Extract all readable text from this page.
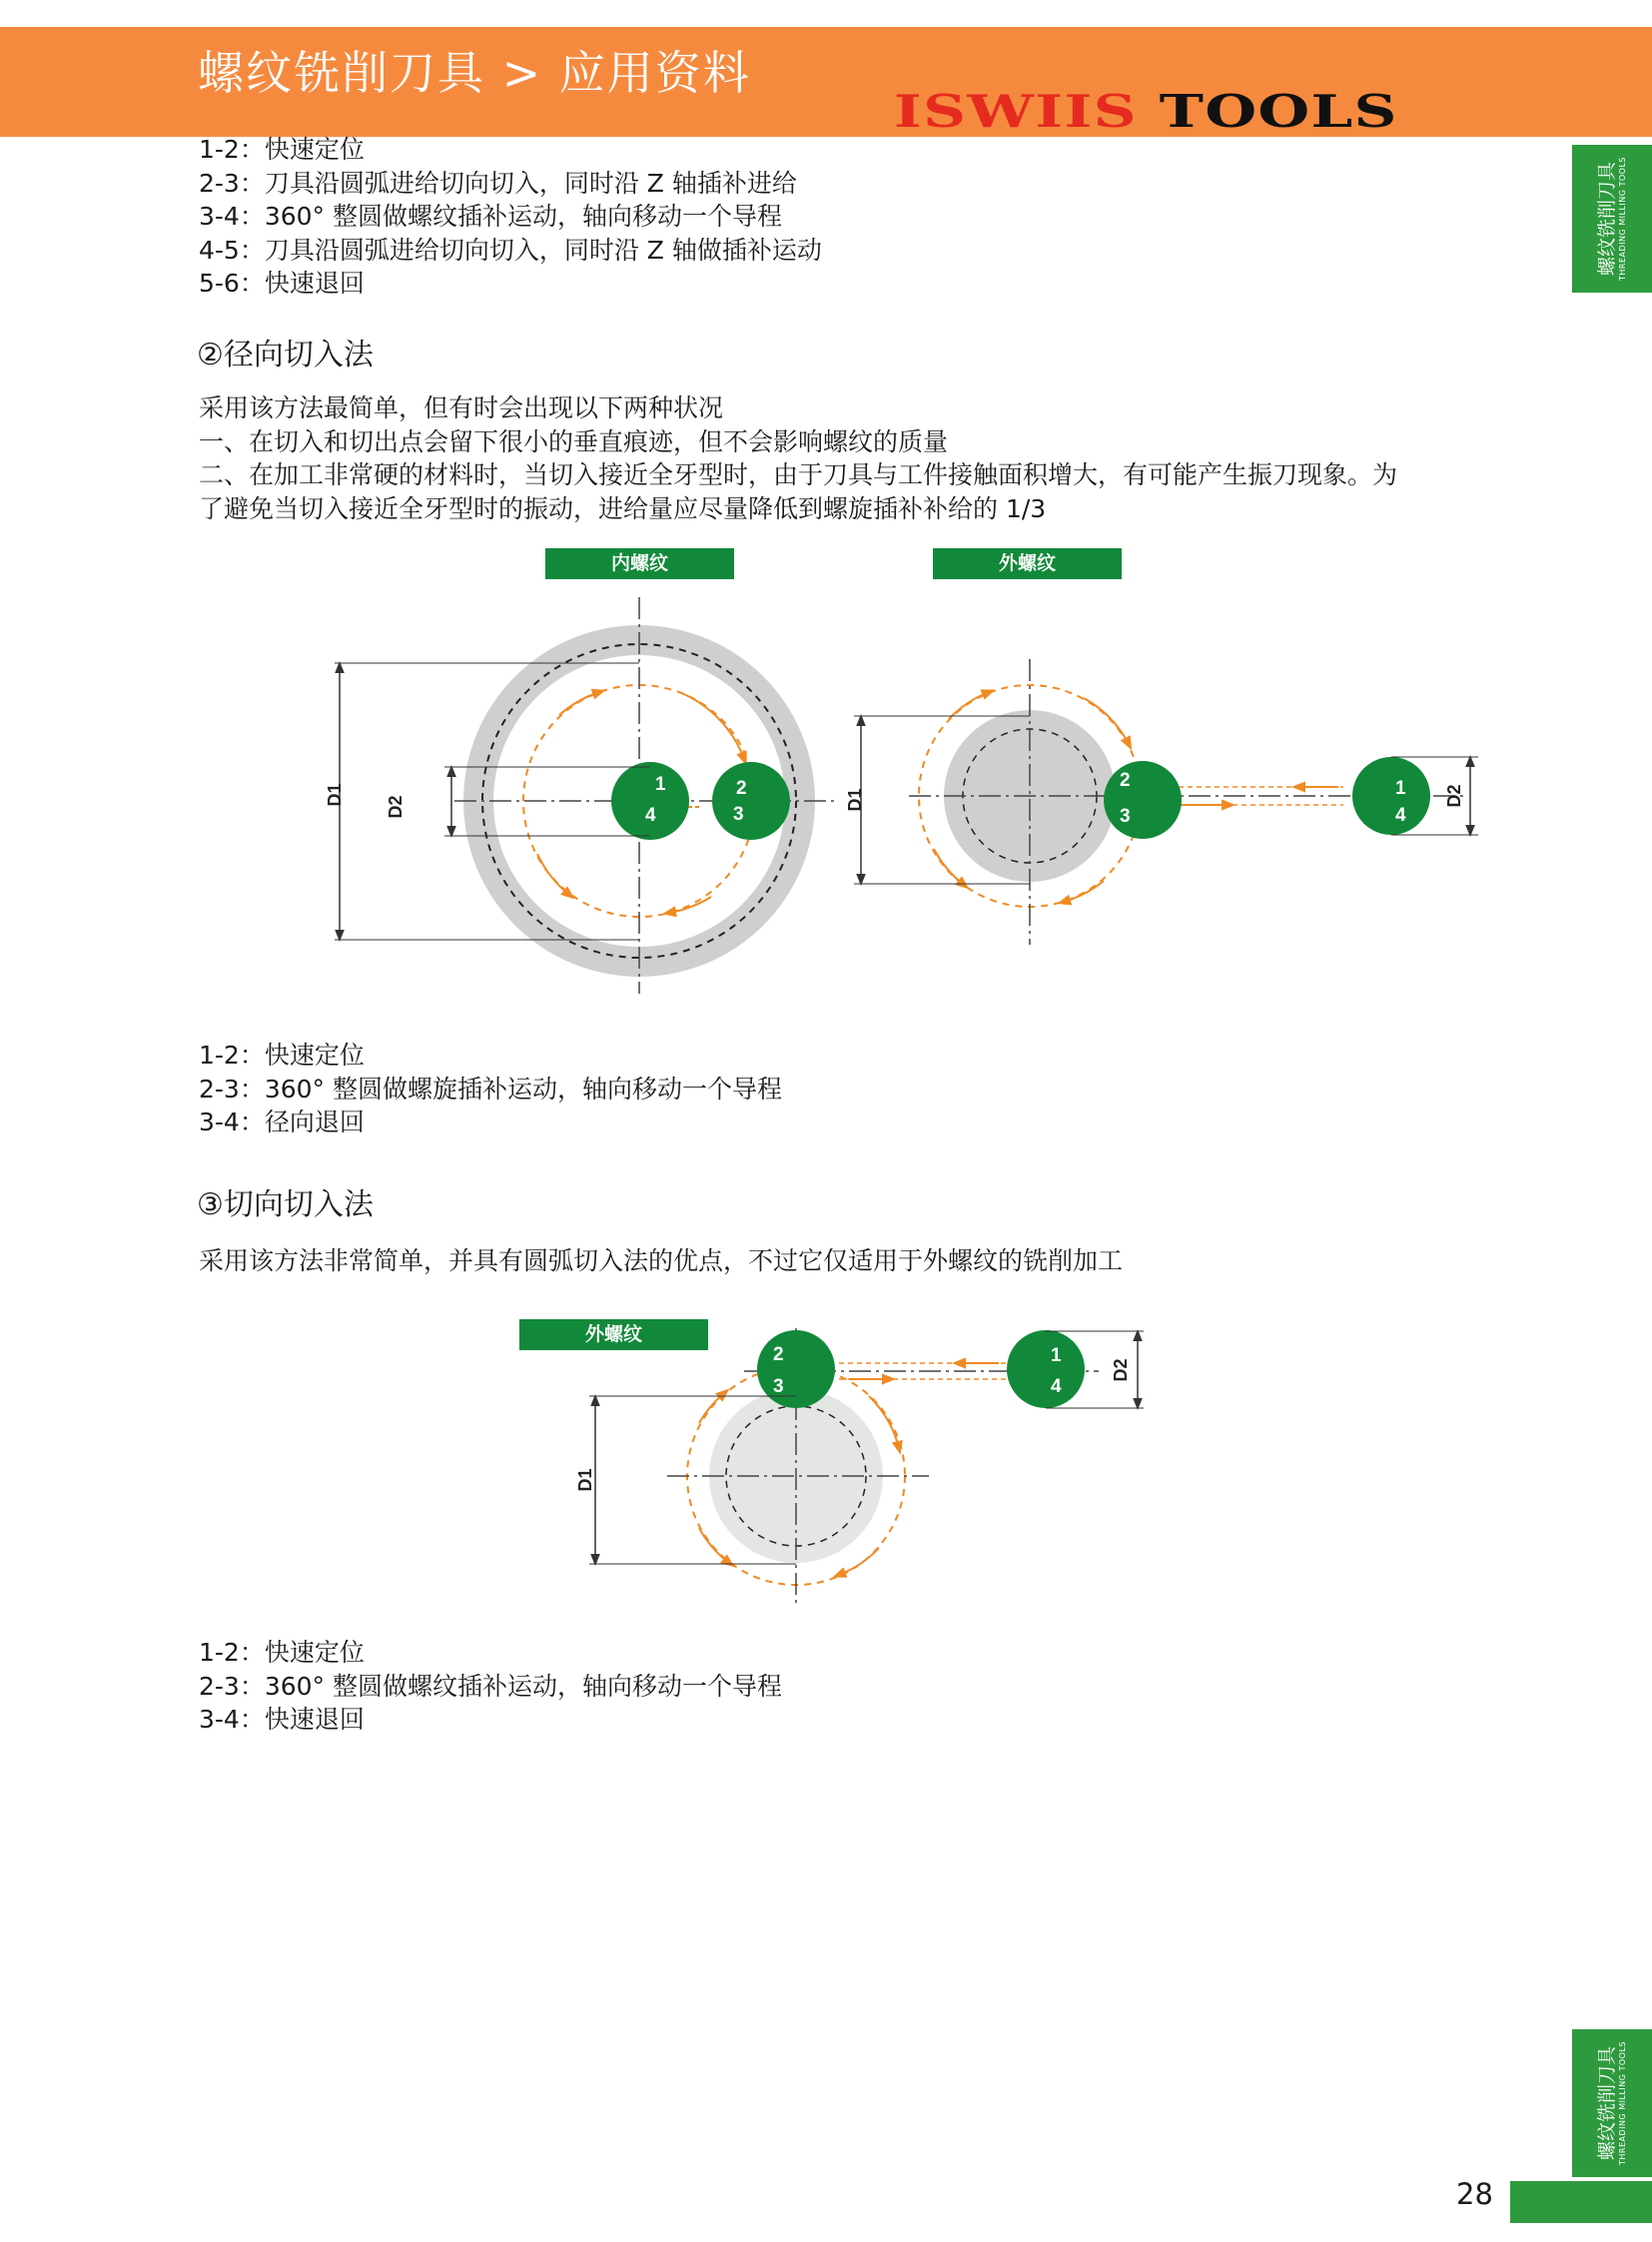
螺纹铣削刀具 > 应用资料
ISWIIS TOOLS
螺纹铣削刀具 THREADING MILLING TOOLS
螺纹铣削刀具 THREADING MILLING TOOLS
1-2：快速定位
2-3：刀具沿圆弧进给切向切入，同时沿 Z 轴插补进给
3-4：360° 整圆做螺纹插补运动，轴向移动一个导程
4-5：刀具沿圆弧进给切向切入，同时沿 Z 轴做插补运动
5-6：快速退回
②径向切入法
采用该方法最简单，但有时会出现以下两种状况
一、在切入和切出点会留下很小的垂直痕迹，但不会影响螺纹的质量
二、在加工非常硬的材料时，当切入接近全牙型时，由于刀具与工件接触面积增大，有可能产生振刀现象。为
了避免当切入接近全牙型时的振动，进给量应尽量降低到螺旋插补补给的 1/3
内螺纹	外螺纹
D1
D2
1
4
2
3
D1	D2
2
3
1
4
D1
D2
2
3
1
4
1-2：快速定位
2-3：360° 整圆做螺旋插补运动，轴向移动一个导程
3-4：径向退回
③切向切入法
采用该方法非常简单，并具有圆弧切入法的优点，不过它仅适用于外螺纹的铣削加工
外螺纹
1-2：快速定位
2-3：360° 整圆做螺纹插补运动，轴向移动一个导程
3-4：快速退回
28
